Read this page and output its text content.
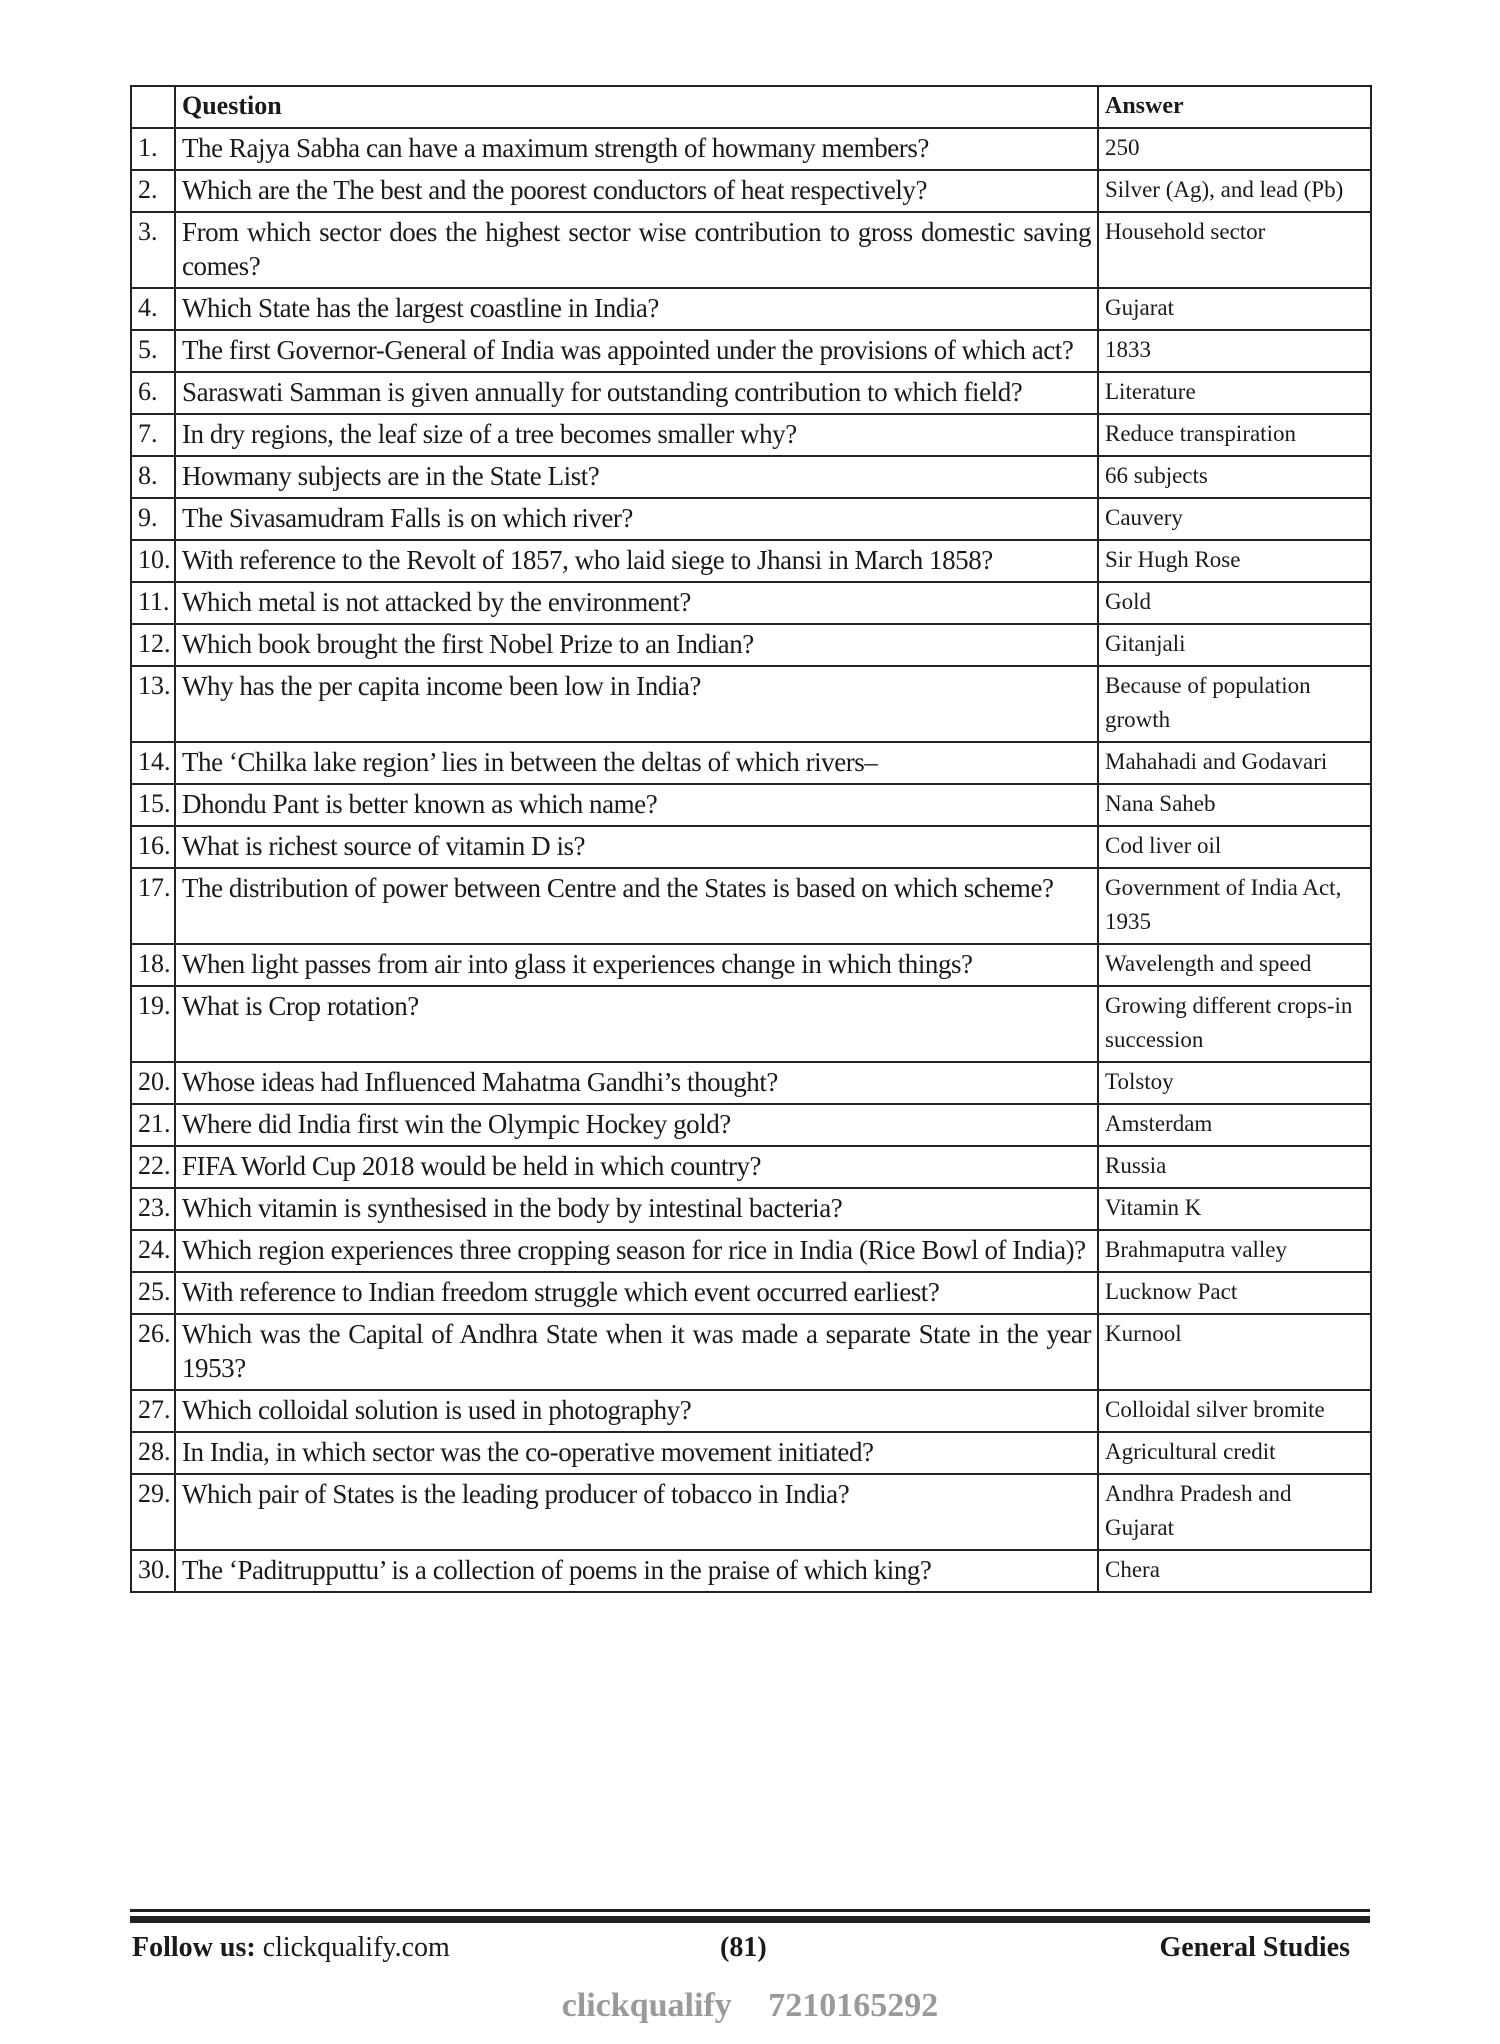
	Question	Answer
1.	The Rajya Sabha can have a maximum strength of howmany members?	250
2.	Which are the The best and the poorest conductors of heat respectively?	Silver (Ag), and lead (Pb)
3.	From which sector does the highest sector wise contribution to gross domestic saving comes?	Household sector
4.	Which State has the largest coastline in India?	Gujarat
5.	The first Governor-General of India was appointed under the provisions of which act?	1833
6.	Saraswati Samman is given annually for outstanding contribution to which field?	Literature
7.	In dry regions, the leaf size of a tree becomes smaller why?	Reduce transpiration
8.	Howmany subjects are in the State List?	66 subjects
9.	The Sivasamudram Falls is on which river?	Cauvery
10.	With reference to the Revolt of 1857, who laid siege to Jhansi in March 1858?	Sir Hugh Rose
11.	Which metal is not attacked by the environment?	Gold
12.	Which book brought the first Nobel Prize to an Indian?	Gitanjali
13.	Why has the per capita income been low in India?	Because of population growth
14.	The ‘Chilka lake region’ lies in between the deltas of which rivers–	Mahahadi and Godavari
15.	Dhondu Pant is better known as which name?	Nana Saheb
16.	What is richest source of vitamin D is?	Cod liver oil
17.	The distribution of power between Centre and the States is based on which scheme?	Government of India Act, 1935
18.	When light passes from air into glass it experiences change in which things?	Wavelength and speed
19.	What is Crop rotation?	Growing different crops-in succession
20.	Whose ideas had Influenced Mahatma Gandhi’s thought?	Tolstoy
21.	Where did India first win the Olympic Hockey gold?	Amsterdam
22.	FIFA World Cup 2018 would be held in which country?	Russia
23.	Which vitamin is synthesised in the body by intestinal bacteria?	Vitamin K
24.	Which region experiences three cropping season for rice in India (Rice Bowl of India)?	Brahmaputra valley
25.	With reference to Indian freedom struggle which event occurred earliest?	Lucknow Pact
26.	Which was the Capital of Andhra State when it was made a separate State in the year 1953?	Kurnool
27.	Which colloidal solution is used in photography?	Colloidal silver bromite
28.	In India, in which sector was the co-operative movement initiated?	Agricultural credit
29.	Which pair of States is the leading producer of tobacco in India?	Andhra Pradesh and Gujarat
30.	The ‘Paditrupputtu’ is a collection of poems in the praise of which king?	Chera
Follow us: clickqualify.com	(81)	General Studies
clickqualify 7210165292
